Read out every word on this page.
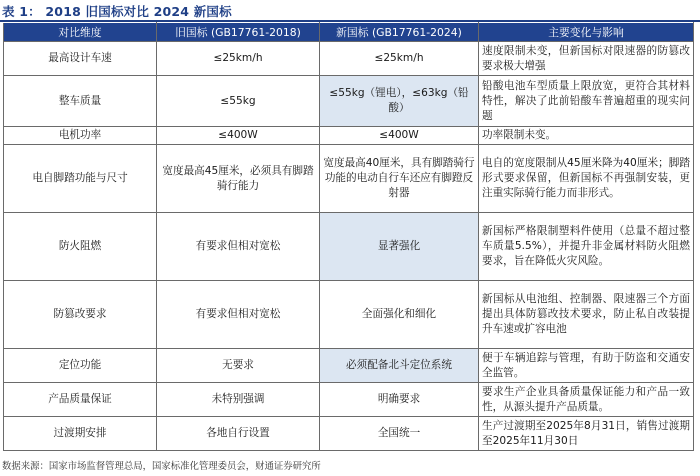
表 1： 2018 旧国标对比 2024 新国标
对比维度	旧国标 (GB17761-2018)	新国标 (GB17761-2024)	主要变化与影响
最高设计车速	≤25km/h	≤25km/h	速度限制未变，但新国标对限速器的防篡改要求极大增强
整车质量	≤55kg	≤55kg（锂电），≤63kg（铅酸）	铅酸电池车型质量上限放宽，更符合其材料特性，解决了此前铅酸车普遍超重的现实问题
电机功率	≤400W	≤400W	功率限制未变。
电自脚踏功能与尺寸	宽度最高45厘米，必须具有脚踏骑行能力	宽度最高40厘米，具有脚踏骑行功能的电动自行车还应有脚蹬反射器	电自的宽度限制从45厘米降为40厘米；脚踏形式要求保留，但新国标不再强制安装，更注重实际骑行能力而非形式。
防火阻燃	有要求但相对宽松	显著强化	新国标严格限制塑料件使用（总量不超过整车质量5.5%），并提升非金属材料防火阻燃要求，旨在降低火灾风险。
防篡改要求	有要求但相对宽松	全面强化和细化	新国标从电池组、控制器、限速器三个方面提出具体防篡改技术要求，防止私自改装提升车速或扩容电池
定位功能	无要求	必须配备北斗定位系统	便于车辆追踪与管理，有助于防盗和交通安全监管。
产品质量保证	未特别强调	明确要求	要求生产企业具备质量保证能力和产品一致性，从源头提升产品质量。
过渡期安排	各地自行设置	全国统一	生产过渡期至2025年8月31日，销售过渡期至2025年11月30日
数据来源：国家市场监督管理总局，国家标准化管理委员会，财通证券研究所
